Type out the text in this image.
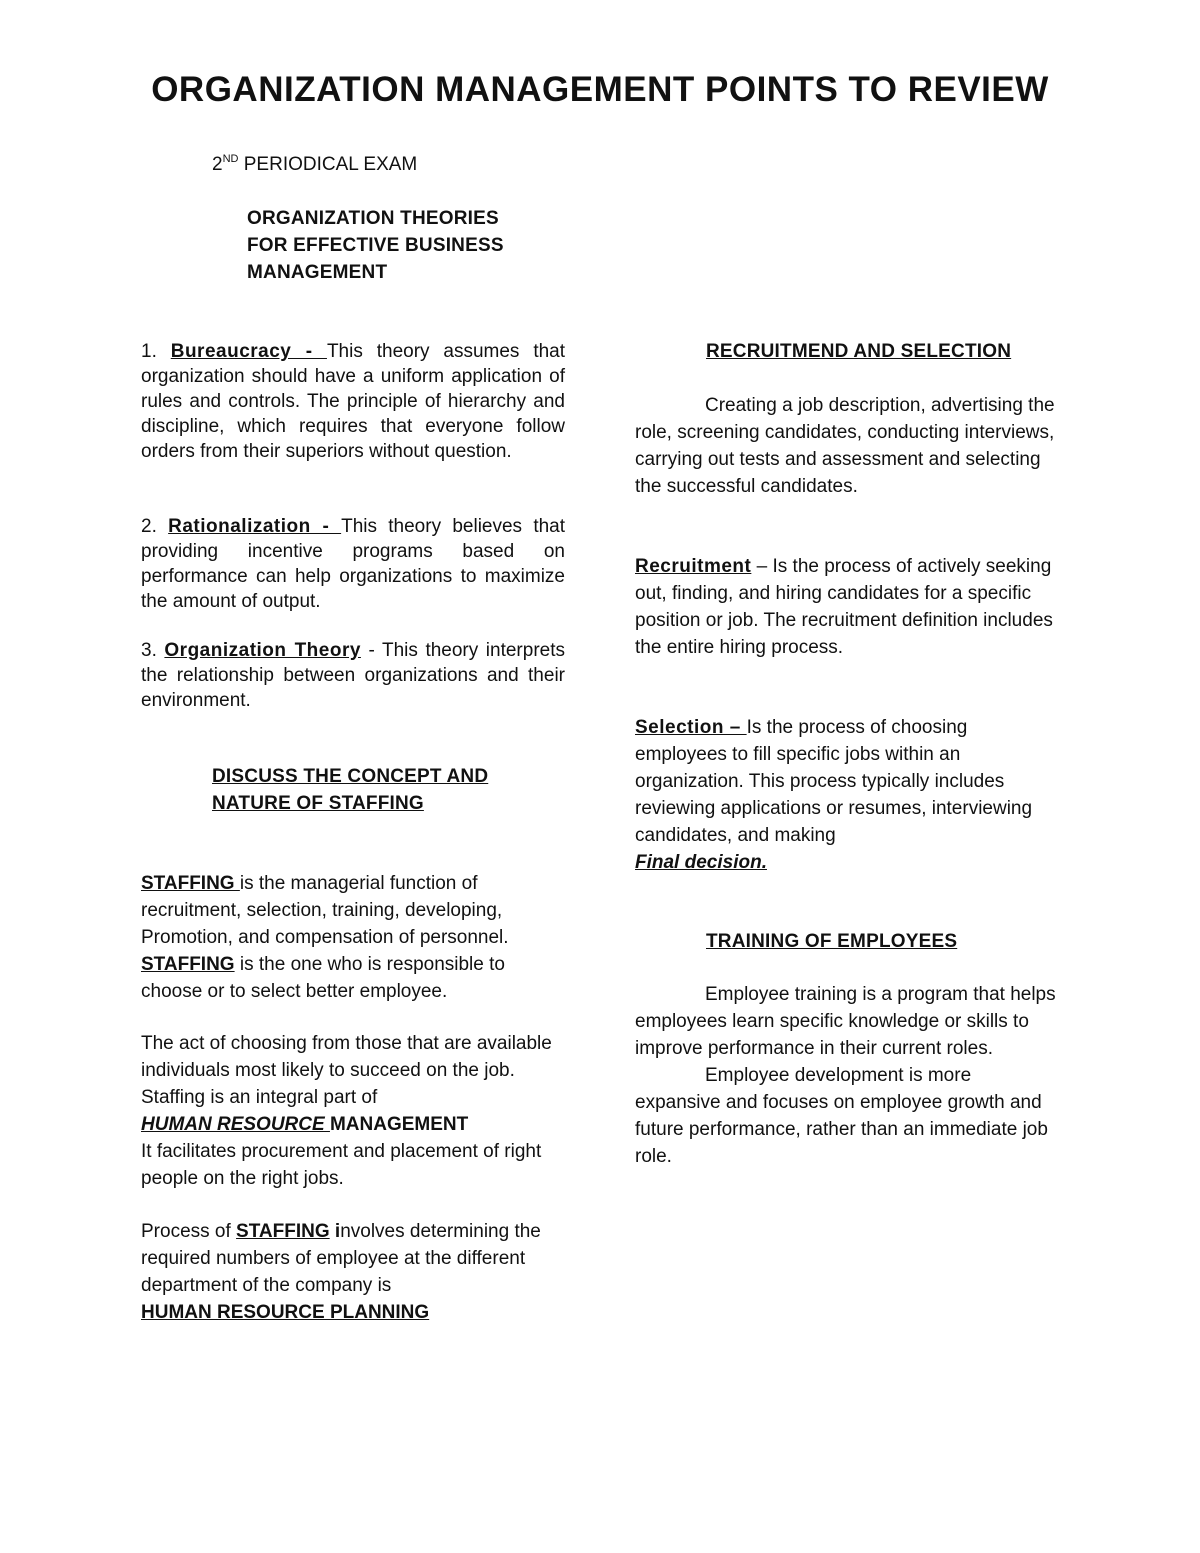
ORGANIZATION MANAGEMENT POINTS TO REVIEW
2ND PERIODICAL EXAM
ORGANIZATION THEORIES
FOR EFFECTIVE BUSINESS
MANAGEMENT

1. Bureaucracy - This theory assumes that organization should have a uniform application of rules and controls. The principle of hierarchy and discipline, which requires that everyone follow orders from their superiors without question.

2. Rationalization - This theory believes that providing incentive programs based on performance can help organizations to maximize the amount of output.

3. Organization Theory - This theory interprets the relationship between organizations and their environment.

DISCUSS THE CONCEPT AND
NATURE OF STAFFING

STAFFING is the managerial function of recruitment, selection, training, developing, Promotion, and compensation of personnel.
STAFFING is the one who is responsible to choose or to select better employee.

The act of choosing from those that are available individuals most likely to succeed on the job. Staffing is an integral part of
HUMAN RESOURCE MANAGEMENT
It facilitates procurement and placement of right people on the right jobs.

Process of STAFFING involves determining the required numbers of employee at the different department of the company is
HUMAN RESOURCE PLANNING

RECRUITMEND AND SELECTION

Creating a job description, advertising the role, screening candidates, conducting interviews, carrying out tests and assessment and selecting the successful candidates.

Recruitment – Is the process of actively seeking out, finding, and hiring candidates for a specific position or job. The recruitment definition includes the entire hiring process.

Selection – Is the process of choosing employees to fill specific jobs within an organization. This process typically includes reviewing applications or resumes, interviewing candidates, and making
Final decision.

TRAINING OF EMPLOYEES

Employee training is a program that helps employees learn specific knowledge or skills to improve performance in their current roles.
Employee development is more expansive and focuses on employee growth and future performance, rather than an immediate job role.
